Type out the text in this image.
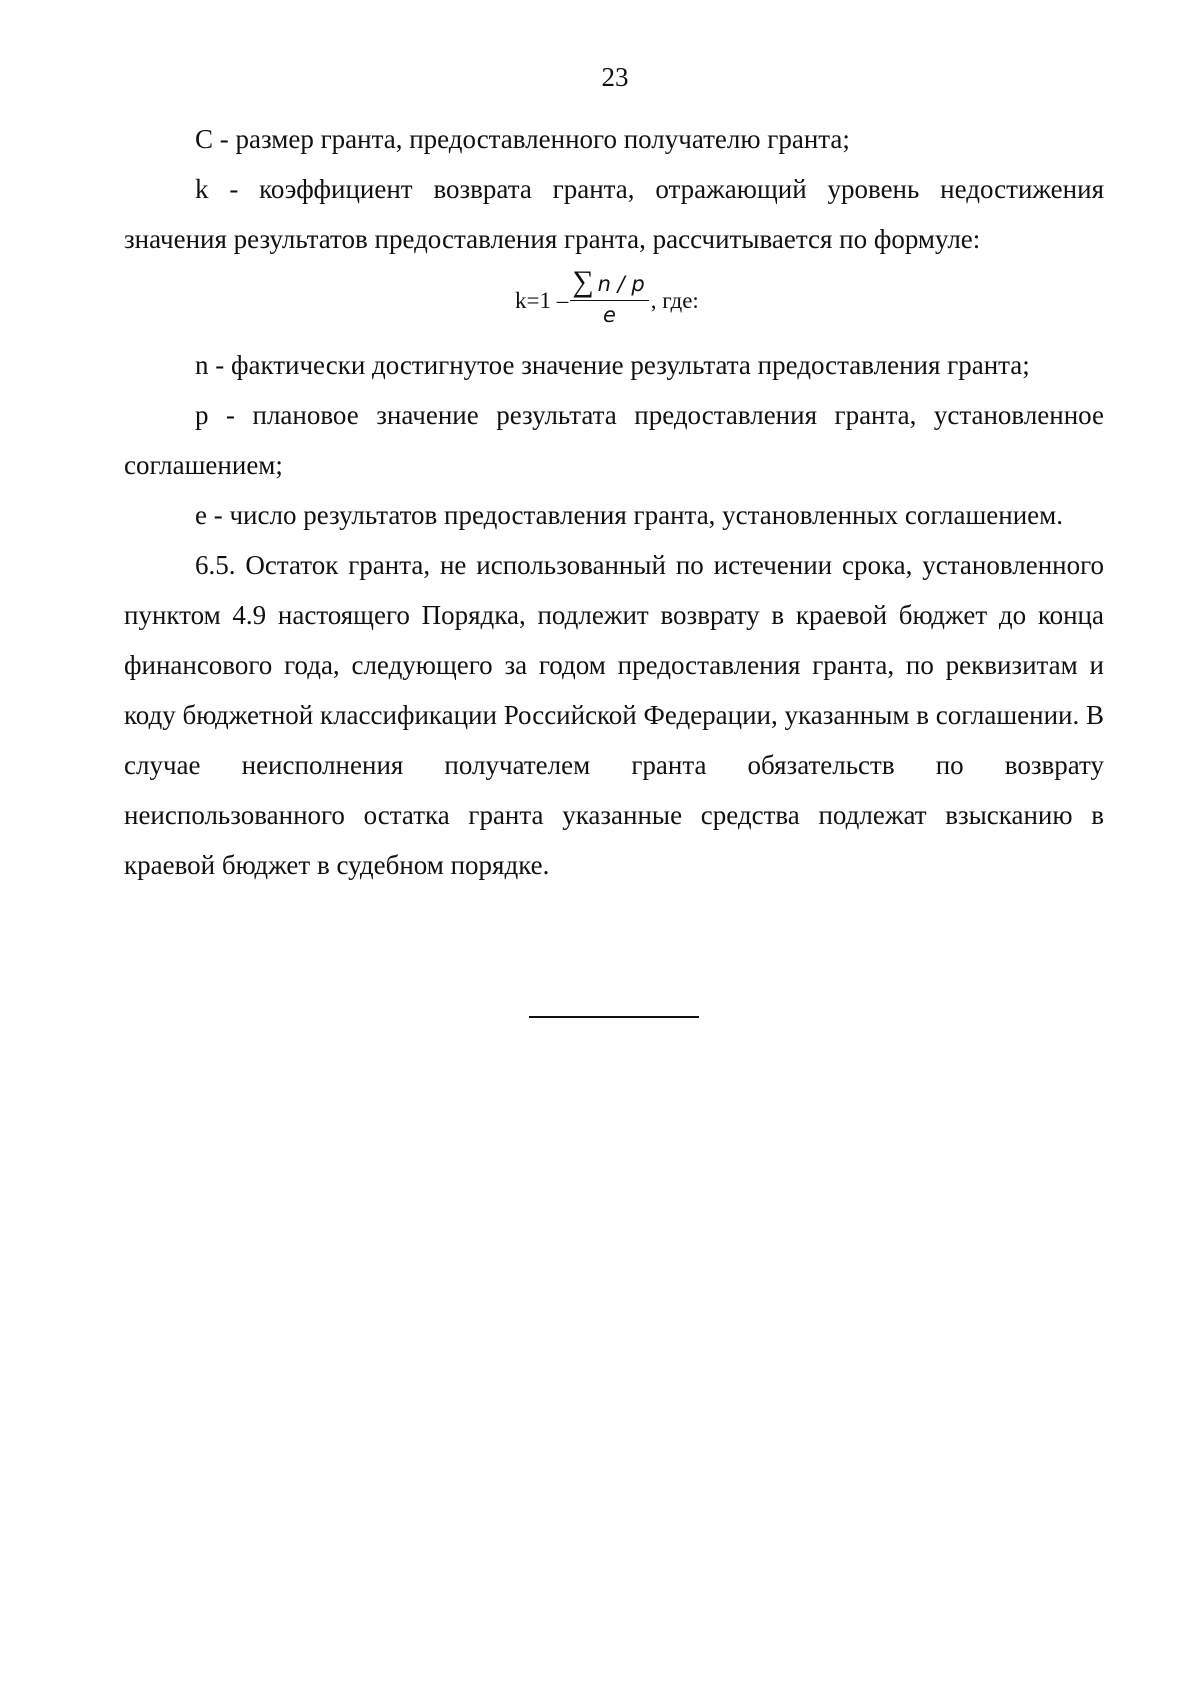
23

С - размер гранта, предоставленного получателю гранта;

k - коэффициент возврата гранта, отражающий уровень недостижения значения результатов предоставления гранта, рассчитывается по формуле:

$k=1 - \frac{\sum n / p}{e}$ , где:

n - фактически достигнутое значение результата предоставления гранта;

р - плановое значение результата предоставления гранта, установленное соглашением;

е - число результатов предоставления гранта, установленных соглашением.

6.5. Остаток гранта, не использованный по истечении срока, установленного пунктом 4.9 настоящего Порядка, подлежит возврату в краевой бюджет до конца финансового года, следующего за годом предоставления гранта, по реквизитам и коду бюджетной классификации Российской Федерации, указанным в соглашении. В случае неисполнения получателем гранта обязательств по возврату неиспользованного остатка гранта указанные средства подлежат взысканию в краевой бюджет в судебном порядке.
